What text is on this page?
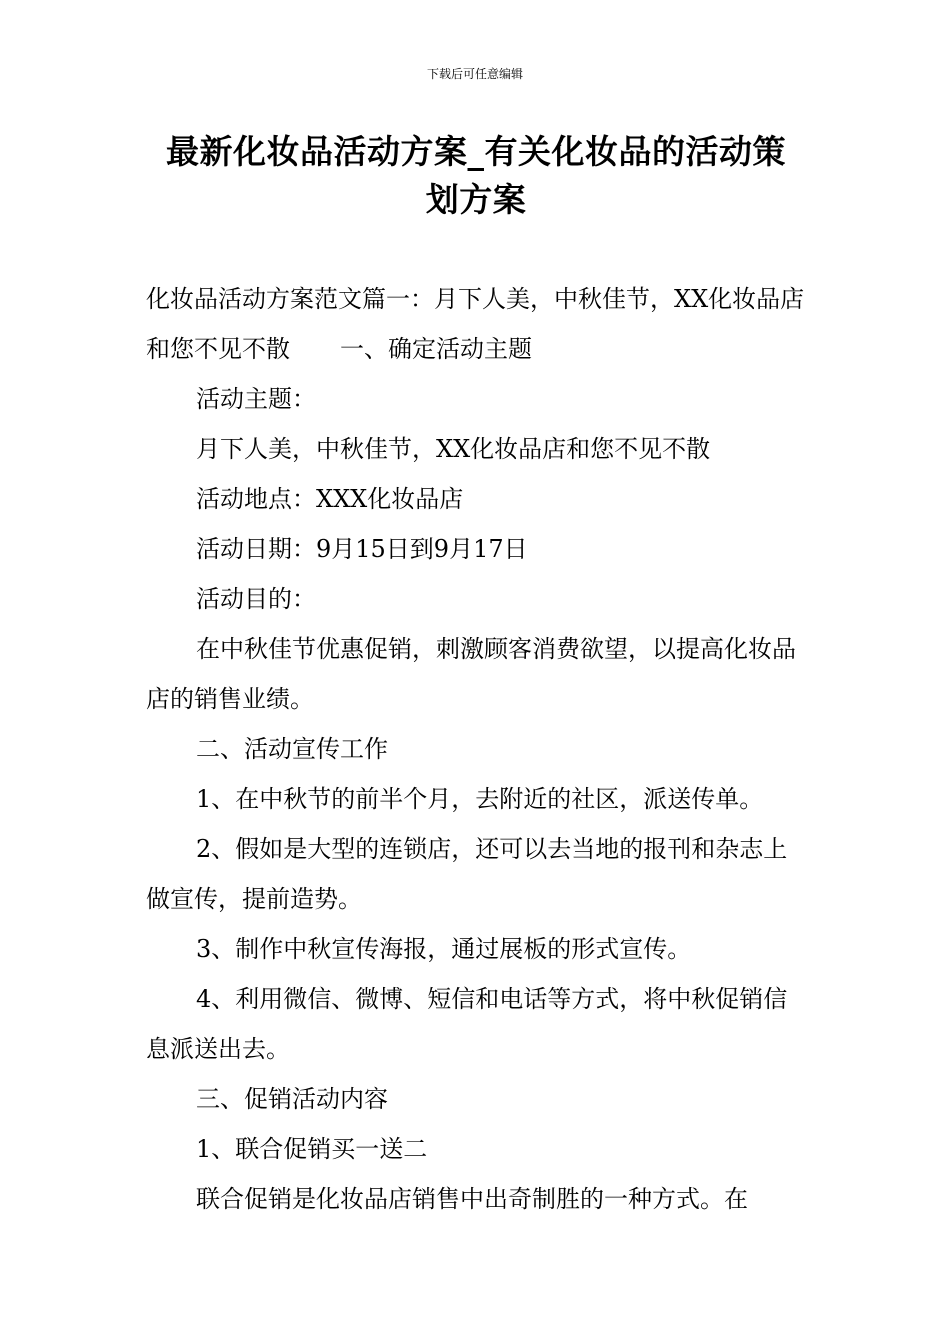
下载后可任意编辑
最新化妆品活动方案_有关化妆品的活动策
划方案

化妆品活动方案范文篇一：月下人美，中秋佳节，XX化妆品店和您不见不散 一、确定活动主题

活动主题：

月下人美，中秋佳节，XX化妆品店和您不见不散

活动地点：XXX化妆品店

活动日期：9月15日到9月17日

活动目的：

在中秋佳节优惠促销，刺激顾客消费欲望，以提高化妆品店的销售业绩。

二、活动宣传工作

1、在中秋节的前半个月，去附近的社区，派送传单。

2、假如是大型的连锁店，还可以去当地的报刊和杂志上做宣传，提前造势。

3、制作中秋宣传海报，通过展板的形式宣传。

4、利用微信、微博、短信和电话等方式，将中秋促销信息派送出去。

三、促销活动内容

1、联合促销买一送二

联合促销是化妆品店销售中出奇制胜的一种方式。在
